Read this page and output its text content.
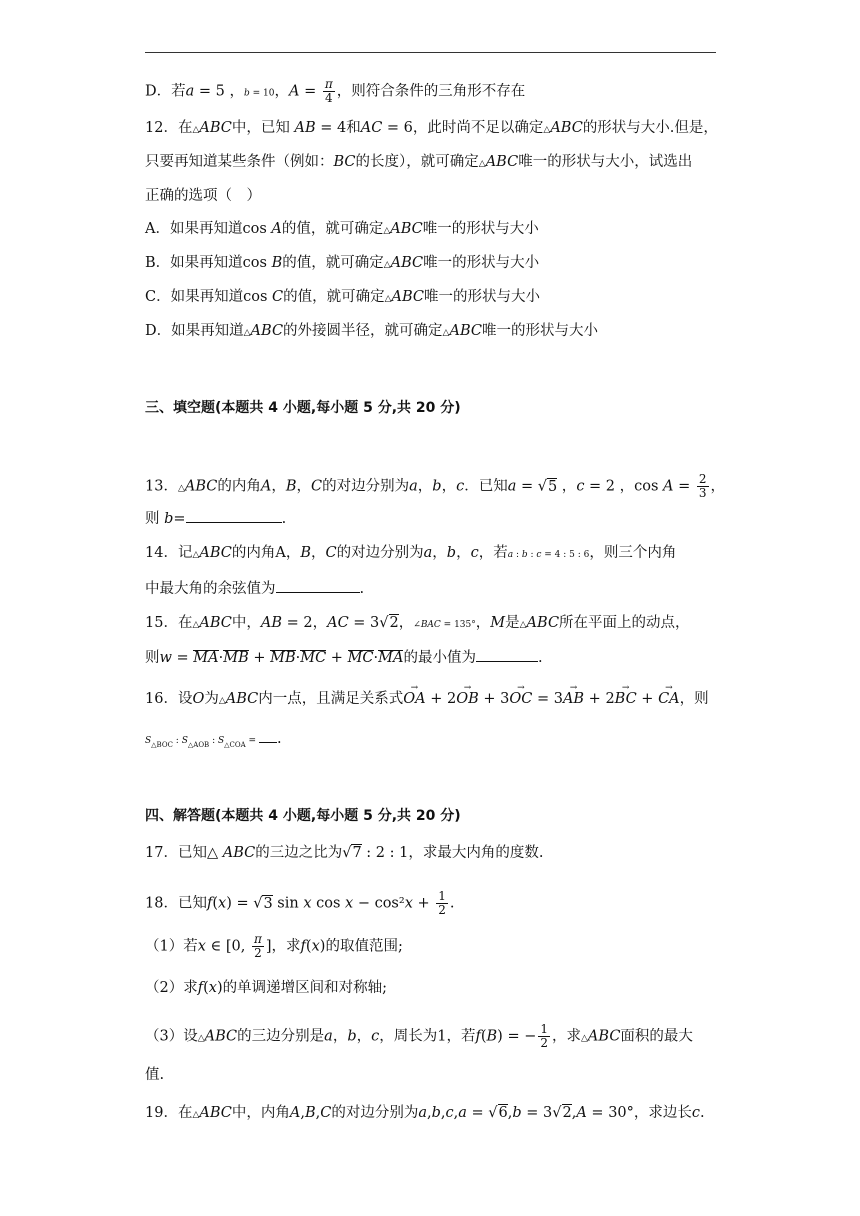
D．若a = 5 ，b = 10，$A = \frac{\pi}{4}$ ，则符合条件的三角形不存在
12．在△ABC中，已知 AB = 4和AC = 6，此时尚不足以确定△ABC的形状与大小.但是，
只要再知道某些条件（例如：BC的长度），就可确定△ABC唯一的形状与大小，试选出
正确的选项（　）
A．如果再知道cos A的值，就可确定△ABC唯一的形状与大小
B．如果再知道cos B的值，就可确定△ABC唯一的形状与大小
C．如果再知道cos C的值，就可确定△ABC唯一的形状与大小
D．如果再知道△ABC的外接圆半径，就可确定△ABC唯一的形状与大小
三、填空题(本题共 4 小题,每小题 5 分,共 20 分)
13．△ABC的内角A，B，C的对边分别为a，b，c．已知a = √5 ，c = 2 ，$\cos A = \frac{2}{3}$ ，
则 b=	.
14．记△ABC的内角A，B，C的对边分别为a，b，c，若a : b : c = 4 : 5 : 6，则三个内角
中最大角的余弦值为	.
15．在△ABC中，AB = 2，AC = 3√2，∠BAC = 135°，M是△ABC所在平面上的动点，
则w = MA·MB + MB·MC + MC·MA的最小值为	.
16．设O为△ABC内一点，且满足关系式→ OA + 2→ OB + 3→ OC = 3→ AB + 2→ BC + → CA，则
$S_{\triangle BOC}$ : $S_{\triangle AOB}$ : $S_{\triangle COA}$ = .
四、解答题(本题共 4 小题,每小题 5 分,共 20 分)
17．已知△ ABC的三边之比为√7 : 2 : 1，求最大内角的度数.
18．已知f(x) = √3 sin x $\cos x - \cos^2x + \frac{1}{2}$ .
（1）若x ∈ [0, $\frac{\pi}{2}$ ]，求f(x)的取值范围;
（2）求f(x)的单调递增区间和对称轴;
（3）设△ABC的三边分别是a，b，c，周长为1，若f(B) = − $\frac{1}{2}$ ，求△ABC面积的最大
值.
19．在△ABC中，内角A,B,C的对边分别为a,b,c,a = √6,b = 3√2,A = 30°，求边长c.
